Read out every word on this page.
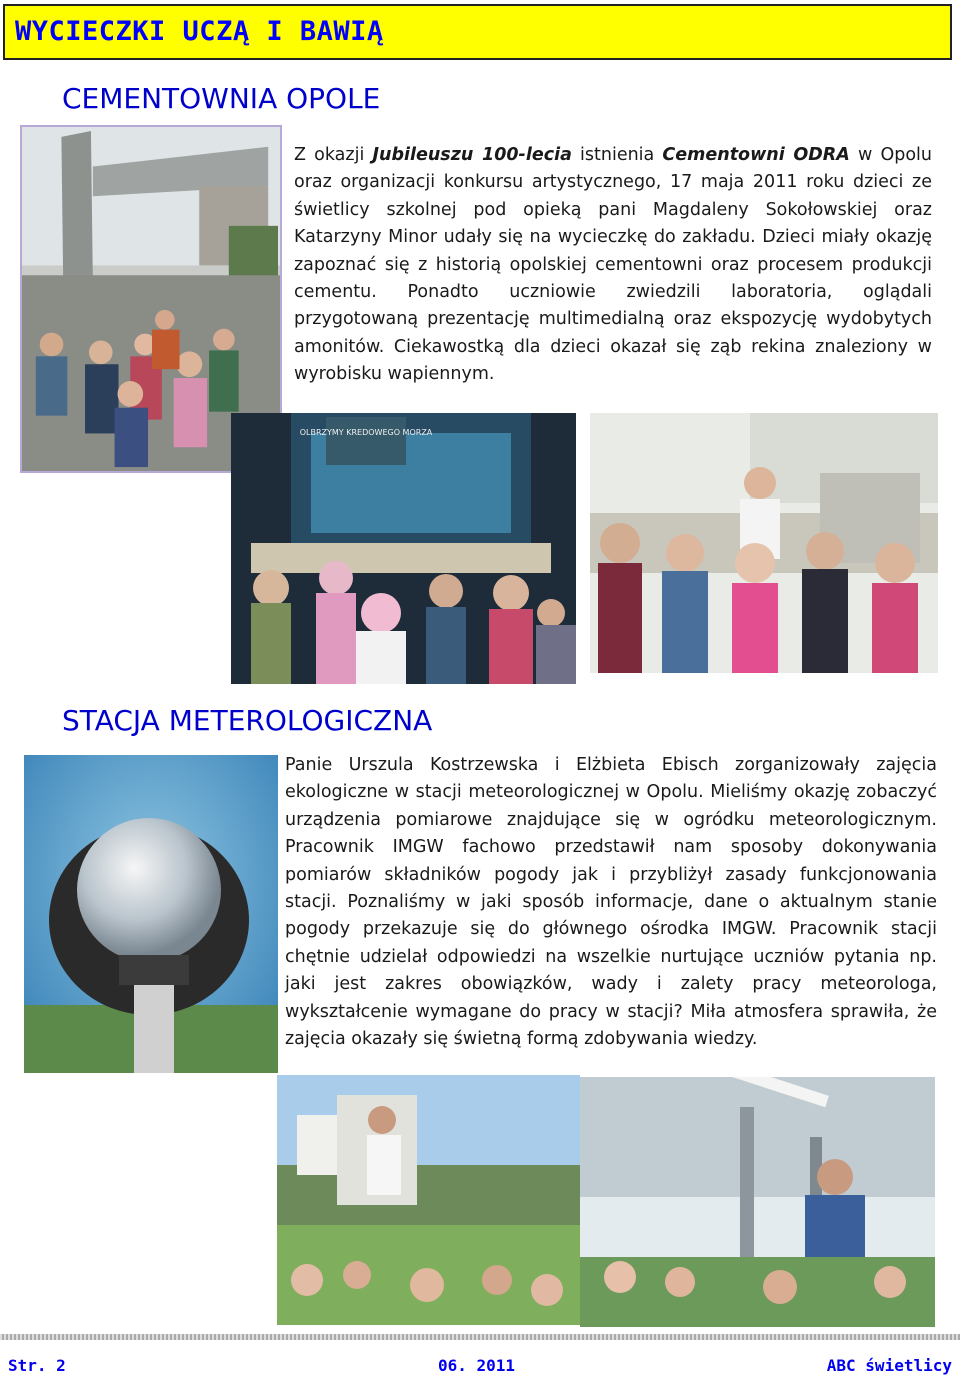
WYCIECZKI UCZĄ I BAWIĄ
CEMENTOWNIA OPOLE

Z okazji Jubileuszu 100-lecia istnienia Cementowni ODRA w Opolu oraz organizacji konkursu artystycznego, 17 maja 2011 roku dzieci ze świetlicy szkolnej pod opieką pani Magdaleny Sokołowskiej oraz Katarzyny Minor udały się na wycieczkę do zakładu. Dzieci miały okazję zapoznać się z historią opolskiej cementowni oraz procesem produkcji cementu. Ponadto uczniowie zwiedzili laboratoria, oglądali przygotowaną prezentację multimedialną oraz ekspozycję wydobytych amonitów. Ciekawostką dla dzieci okazał się ząb rekina znaleziony w wyrobisku wapiennym.

OLBRZYMY KREDOWEGO MORZA
STACJA METEROLOGICZNA

Panie Urszula Kostrzewska i Elżbieta Ebisch zorganizowały zajęcia ekologiczne w stacji meteorologicznej w Opolu. Mieliśmy okazję zobaczyć urządzenia pomiarowe znajdujące się w ogródku meteorologicznym. Pracownik IMGW fachowo przedstawił nam sposoby dokonywania pomiarów składników pogody jak i przybliżył zasady funkcjonowania stacji. Poznaliśmy w jaki sposób informacje, dane o aktualnym stanie pogody przekazuje się do głównego ośrodka IMGW. Pracownik stacji chętnie udzielał odpowiedzi na wszelkie nurtujące uczniów pytania np. jaki jest zakres obowiązków, wady i zalety pracy meteorologa, wykształcenie wymagane do pracy w stacji? Miła atmosfera sprawiła, że zajęcia okazały się świetną formą zdobywania wiedzy.

Str. 2	06. 2011	ABC świetlicy
